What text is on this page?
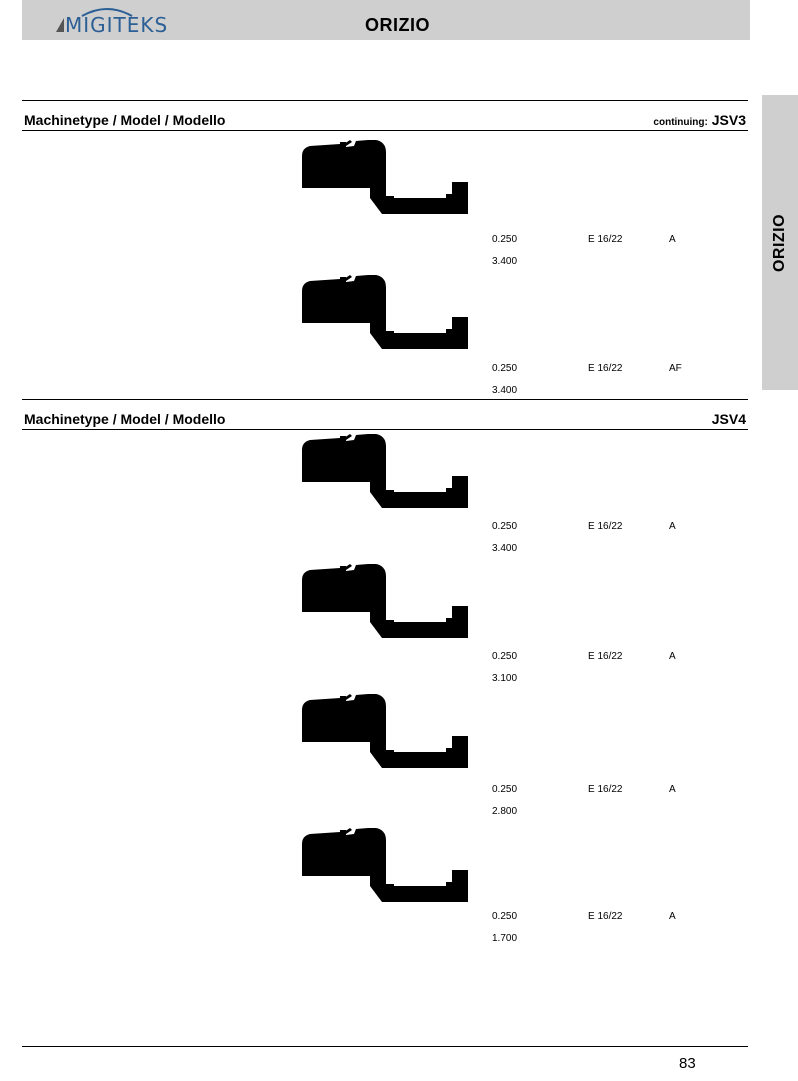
MIGITEKS	ORIZIO
ORIZIO
Machinetype / Model / Modello	continuing: JSV3
0.250	E 16/22	A
3.400
0.250	E 16/22	AF
3.400
Machinetype / Model / Modello	JSV4
0.250	E 16/22	A
3.400
0.250	E 16/22	A
3.100
0.250	E 16/22	A
2.800
0.250	E 16/22	A
1.700
83
